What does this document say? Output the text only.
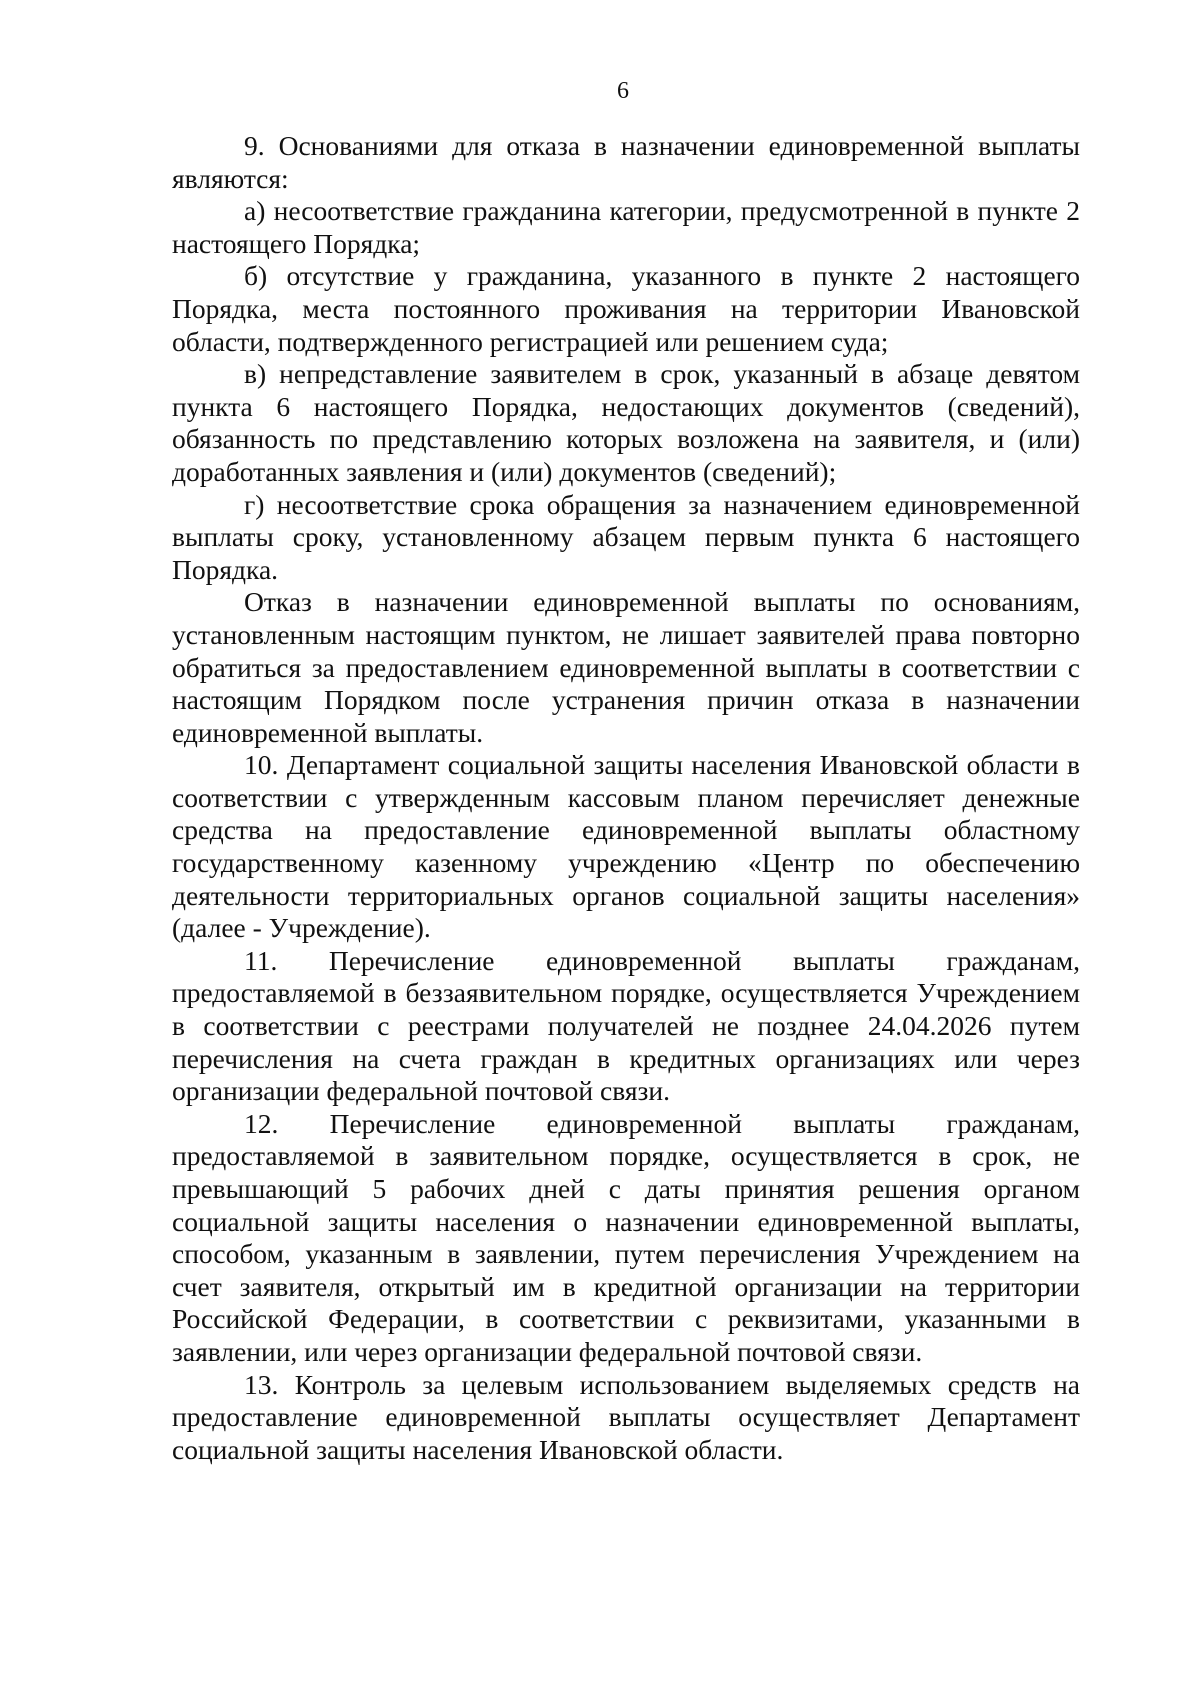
6

9. Основаниями для отказа в назначении единовременной выплаты являются:

а) несоответствие гражданина категории, предусмотренной в пункте 2 настоящего Порядка;

б) отсутствие у гражданина, указанного в пункте 2 настоящего Порядка, места постоянного проживания на территории Ивановской области, подтвержденного регистрацией или решением суда;

в) непредставление заявителем в срок, указанный в абзаце девятом пункта 6 настоящего Порядка, недостающих документов (сведений), обязанность по представлению которых возложена на заявителя, и (или) доработанных заявления и (или) документов (сведений);

г) несоответствие срока обращения за назначением единовременной выплаты сроку, установленному абзацем первым пункта 6 настоящего Порядка.

Отказ в назначении единовременной выплаты по основаниям, установленным настоящим пунктом, не лишает заявителей права повторно обратиться за предоставлением единовременной выплаты в соответствии с настоящим Порядком после устранения причин отказа в назначении единовременной выплаты.

10. Департамент социальной защиты населения Ивановской области в соответствии с утвержденным кассовым планом перечисляет денежные средства на предоставление единовременной выплаты областному государственному казенному учреждению «Центр по обеспечению деятельности территориальных органов социальной защиты населения» (далее - Учреждение).

11. Перечисление единовременной выплаты гражданам, предоставляемой в беззаявительном порядке, осуществляется Учреждением в соответствии с реестрами получателей не позднее 24.04.2026 путем перечисления на счета граждан в кредитных организациях или через организации федеральной почтовой связи.

12. Перечисление единовременной выплаты гражданам, предоставляемой в заявительном порядке, осуществляется в срок, не превышающий 5 рабочих дней с даты принятия решения органом социальной защиты населения о назначении единовременной выплаты, способом, указанным в заявлении, путем перечисления Учреждением на счет заявителя, открытый им в кредитной организации на территории Российской Федерации, в соответствии с реквизитами, указанными в заявлении, или через организации федеральной почтовой связи.

13. Контроль за целевым использованием выделяемых средств на предоставление единовременной выплаты осуществляет Департамент социальной защиты населения Ивановской области.
